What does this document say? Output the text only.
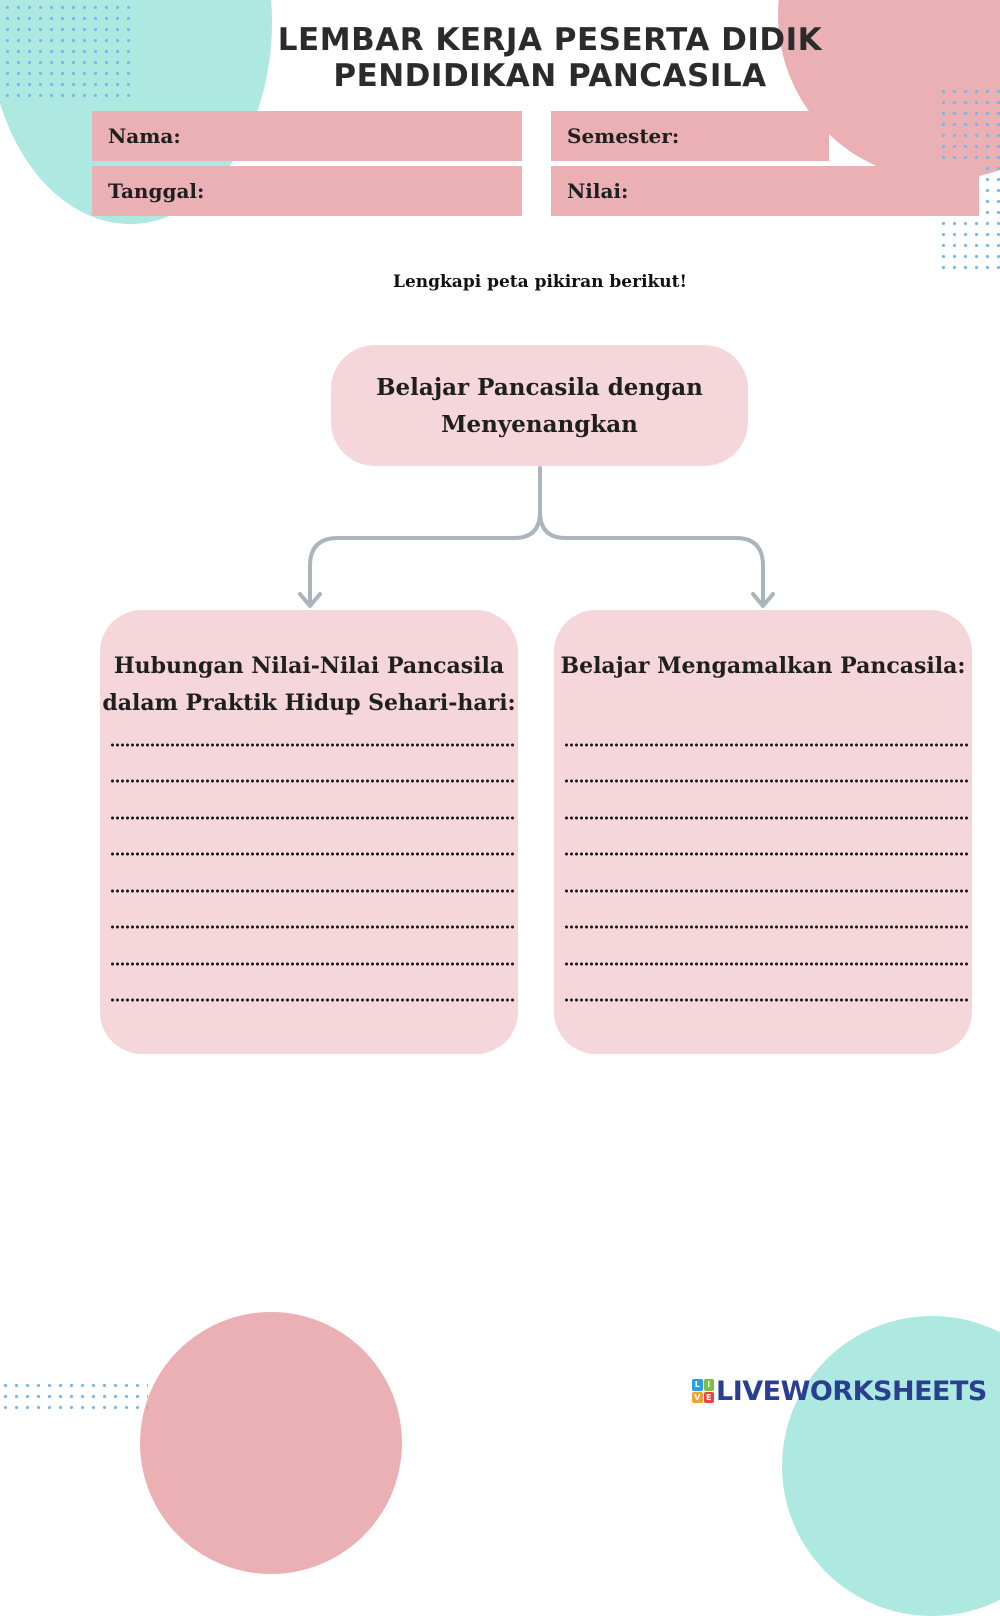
LEMBAR KERJA PESERTA DIDIK
PENDIDIKAN PANCASILA
Nama:	Semester:
Tanggal:	Nilai:
Lengkapi peta pikiran berikut!
Belajar Pancasila dengan
Menyenangkan
Hubungan Nilai-Nilai Pancasila
dalam Praktik Hidup Sehari-hari:
Belajar Mengamalkan Pancasila:
L I
V E LIVEWORKSHEETS
